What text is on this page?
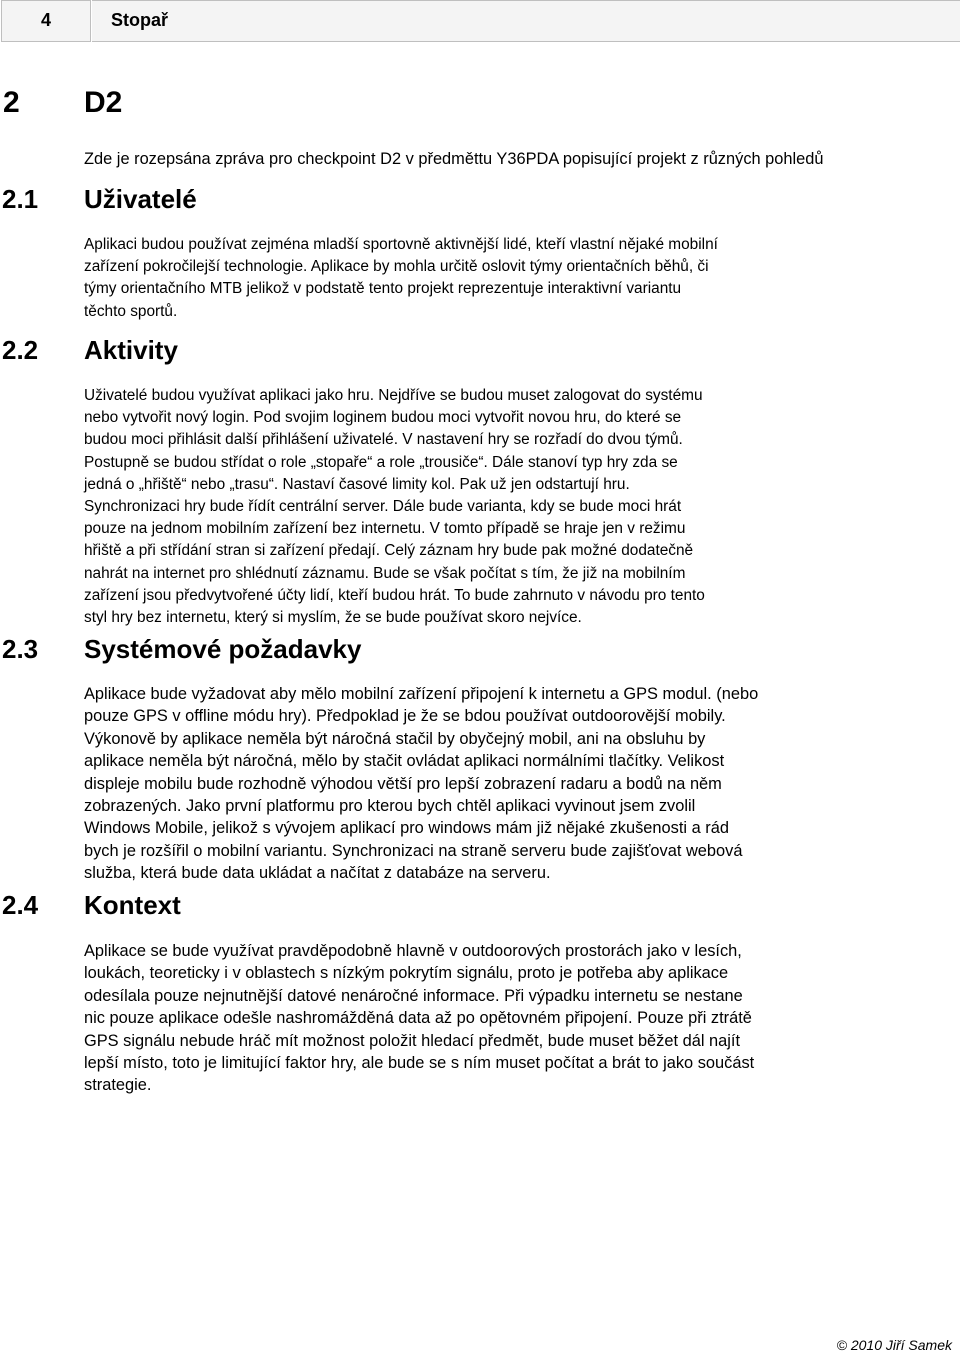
4	Stopař
2 D2
Zde je rozepsána zpráva pro checkpoint D2 v předměttu Y36PDA popisující projekt z různých pohledů
2.1 Uživatelé
Aplikaci budou používat zejména mladší sportovně aktivnější lidé, kteří vlastní nějaké mobilní
zařízení pokročilejší technologie. Aplikace by mohla určitě oslovit týmy orientačních běhů, či
týmy orientačního MTB jelikož v podstatě tento projekt reprezentuje interaktivní variantu
těchto sportů.
2.2 Aktivity
Uživatelé budou využívat aplikaci jako hru. Nejdříve se budou muset zalogovat do systému
nebo vytvořit nový login. Pod svojim loginem budou moci vytvořit novou hru, do které se
budou moci přihlásit další přihlášení uživatelé. V nastavení hry se rozřadí do dvou týmů.
Postupně se budou střídat o role „stopaře“ a role „trousiče“. Dále stanoví typ hry zda se
jedná o „hřiště“ nebo „trasu“. Nastaví časové limity kol. Pak už jen odstartují hru.
Synchronizaci hry bude řídít centrální server. Dále bude varianta, kdy se bude moci hrát
pouze na jednom mobilním zařízení bez internetu. V tomto případě se hraje jen v režimu
hřiště a při střídání stran si zařízení předají. Celý záznam hry bude pak možné dodatečně
nahrát na internet pro shlédnutí záznamu. Bude se však počítat s tím, že již na mobilním
zařízení jsou předvytvořené účty lidí, kteří budou hrát. To bude zahrnuto v návodu pro tento
styl hry bez internetu, který si myslím, že se bude používat skoro nejvíce.
2.3 Systémové požadavky
Aplikace bude vyžadovat aby mělo mobilní zařízení připojení k internetu a GPS modul. (nebo
pouze GPS v offline módu hry). Předpoklad je že se bdou používat outdoorovější mobily.
Výkonově by aplikace neměla být náročná stačil by obyčejný mobil, ani na obsluhu by
aplikace neměla být náročná, mělo by stačit ovládat aplikaci normálními tlačítky. Velikost
displeje mobilu bude rozhodně výhodou větší pro lepší zobrazení radaru a bodů na něm
zobrazených. Jako první platformu pro kterou bych chtěl aplikaci vyvinout jsem zvolil
Windows Mobile, jelikož s vývojem aplikací pro windows mám již nějaké zkušenosti a rád
bych je rozšířil o mobilní variantu. Synchronizaci na straně serveru bude zajišťovat webová
služba, která bude data ukládat a načítat z databáze na serveru.
2.4 Kontext
Aplikace se bude využívat pravděpodobně hlavně v outdoorových prostorách jako v lesích,
loukách, teoreticky i v oblastech s nízkým pokrytím signálu, proto je potřeba aby aplikace
odesílala pouze nejnutnější datové nenáročné informace. Při výpadku internetu se nestane
nic pouze aplikace odešle nashromážděná data až po opětovném připojení. Pouze při ztrátě
GPS signálu nebude hráč mít možnost položit hledací předmět, bude muset běžet dál najít
lepší místo, toto je limitující faktor hry, ale bude se s ním muset počítat a brát to jako součást
strategie.
© 2010 Jiří Samek
